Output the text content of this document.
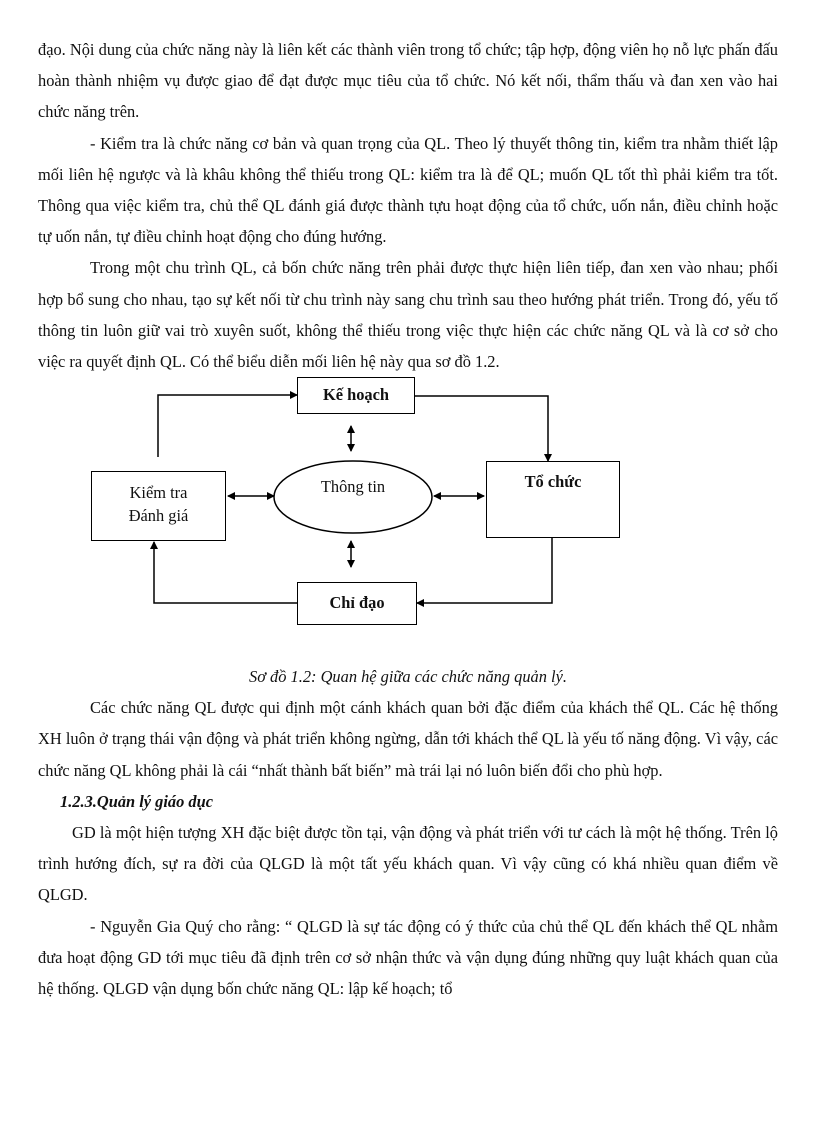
đạo. Nội dung của chức năng này là liên kết các thành viên trong tổ chức; tập hợp, động viên họ nỗ lực phấn đấu hoàn thành nhiệm vụ được giao để đạt được mục tiêu của tổ chức. Nó kết nối, thẩm thấu và đan xen vào hai chức năng trên.

- Kiểm tra là chức năng cơ bản và quan trọng của QL. Theo lý thuyết thông tin, kiểm tra nhằm thiết lập mối liên hệ ngược và là khâu không thể thiếu trong QL: kiểm tra là để QL; muốn QL tốt thì phải kiểm tra tốt. Thông qua việc kiểm tra, chủ thể QL đánh giá được thành tựu hoạt động của tổ chức, uốn nắn, điều chỉnh hoặc tự uốn nắn, tự điều chỉnh hoạt động cho đúng hướng.

Trong một chu trình QL, cả bốn chức năng trên phải được thực hiện liên tiếp, đan xen vào nhau; phối hợp bổ sung cho nhau, tạo sự kết nối từ chu trình này sang chu trình sau theo hướng phát triển. Trong đó, yếu tố thông tin luôn giữ vai trò xuyên suốt, không thể thiếu trong việc thực hiện các chức năng QL và là cơ sở cho việc ra quyết định QL. Có thể biểu diễn mối liên hệ này qua sơ đồ 1.2.

Kế hoạch
Tổ chức
Chỉ đạo
Kiểm tra
Đánh giá
Thông tin

Sơ đồ 1.2: Quan hệ giữa các chức năng quản lý.

Các chức năng QL được qui định một cánh khách quan bởi đặc điểm của khách thể QL. Các hệ thống XH luôn ở trạng thái vận động và phát triển không ngừng, dẫn tới khách thể QL là yếu tố năng động. Vì vậy, các chức năng QL không phải là cái “nhất thành bất biến” mà trái lại nó luôn biến đổi cho phù hợp.

1.2.3.Quản lý giáo dục

GD là một hiện tượng XH đặc biệt được tồn tại, vận động và phát triển với tư cách là một hệ thống. Trên lộ trình hướng đích, sự ra đời của QLGD là một tất yếu khách quan. Vì vậy cũng có khá nhiều quan điểm về QLGD.

- Nguyễn Gia Quý cho rằng: “ QLGD là sự tác động có ý thức của chủ thể QL đến khách thể QL nhằm đưa hoạt động GD tới mục tiêu đã định trên cơ sở nhận thức và vận dụng đúng những quy luật khách quan của hệ thống. QLGD vận dụng bốn chức năng QL: lập kế hoạch; tổ
